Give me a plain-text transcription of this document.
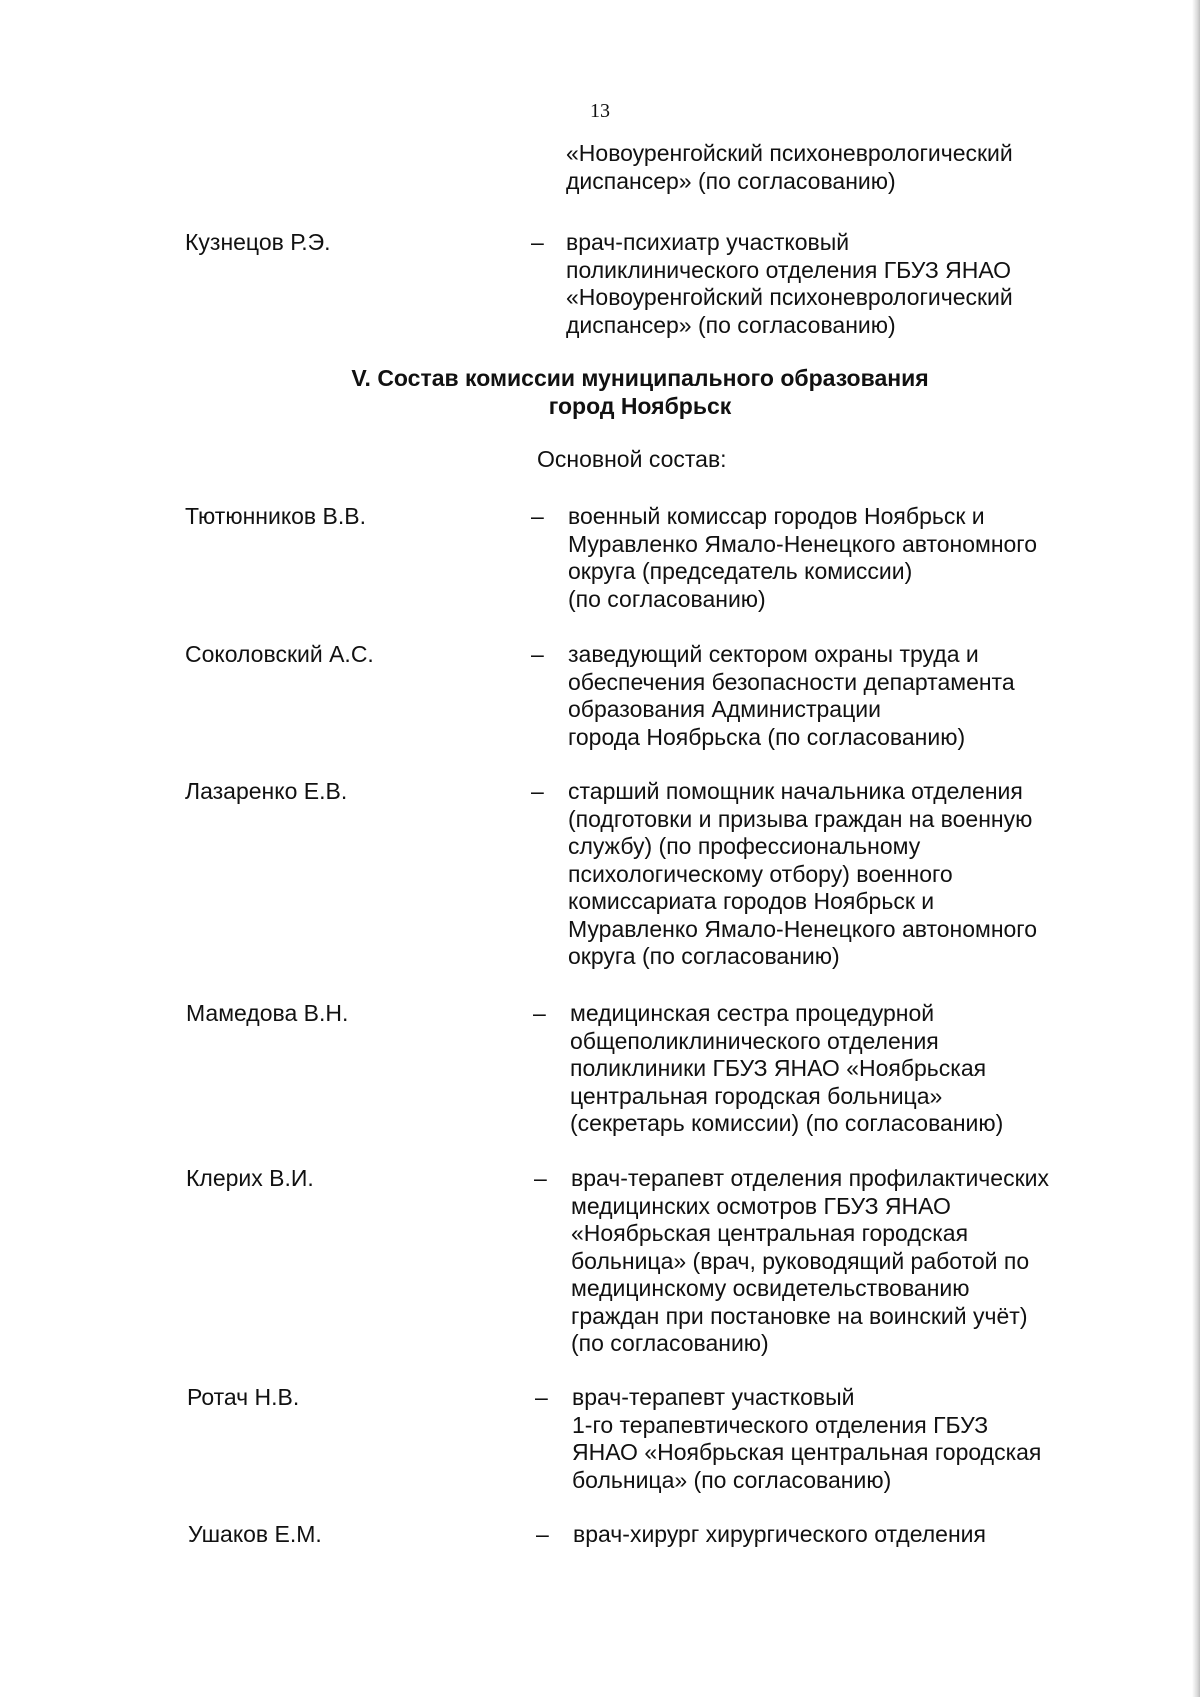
13
«Новоуренгойский психоневрологический
диспансер» (по согласованию)
Кузнецов Р.Э.	– врач-психиатр участковый
поликлинического отделения ГБУЗ ЯНАО
«Новоуренгойский психоневрологический
диспансер» (по согласованию)
V. Состав комиссии муниципального образования
город Ноябрьск
Основной состав:
Тютюнников В.В.	– военный комиссар городов Ноябрьск и
Муравленко Ямало-Ненецкого автономного
округа (председатель комиссии)
(по согласованию)
Соколовский А.С.	– заведующий сектором охраны труда и
обеспечения безопасности департамента
образования Администрации
города Ноябрьска (по согласованию)
Лазаренко Е.В.	– старший помощник начальника отделения
(подготовки и призыва граждан на военную
службу) (по профессиональному
психологическому отбору) военного
комиссариата городов Ноябрьск и
Муравленко Ямало-Ненецкого автономного
округа (по согласованию)
Мамедова В.Н.	– медицинская сестра процедурной
общеполиклинического отделения
поликлиники ГБУЗ ЯНАО «Ноябрьская
центральная городская больница»
(секретарь комиссии) (по согласованию)
Клерих В.И.	– врач-терапевт отделения профилактических
медицинских осмотров ГБУЗ ЯНАО
«Ноябрьская центральная городская
больница» (врач, руководящий работой по
медицинскому освидетельствованию
граждан при постановке на воинский учёт)
(по согласованию)
Ротач Н.В.	– врач-терапевт участковый
1-го терапевтического отделения ГБУЗ
ЯНАО «Ноябрьская центральная городская
больница» (по согласованию)
Ушаков Е.М.	– врач-хирург хирургического отделения
